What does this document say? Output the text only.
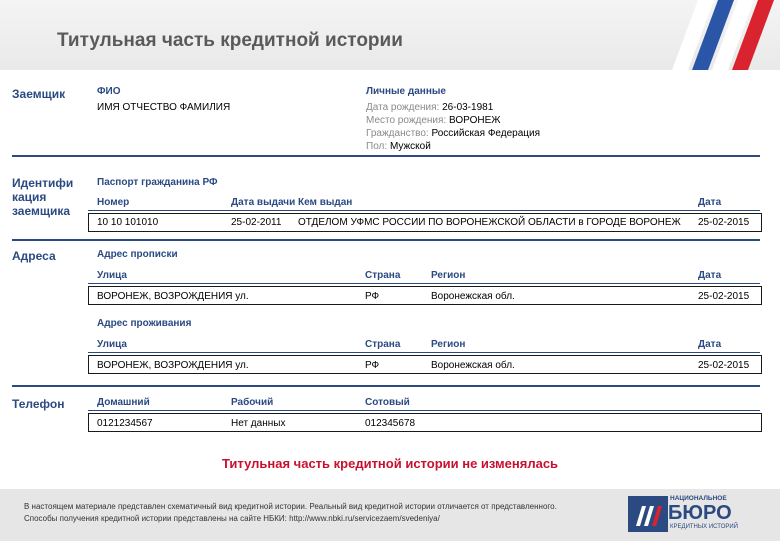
Титульная часть кредитной истории
Заемщик	ФИО
ИМЯ ОТЧЕСТВО ФАМИЛИЯ
Личные данные
Дата рождения: 26-03-1981
Место рождения: ВОРОНЕЖ
Гражданство: Российская Федерация
Пол: Мужской
Идентифи
кация
заемщика
Паспорт гражданина РФ
Номер	Дата выдачи Кем выдан	Дата
10 10 101010	25-02-2011 ОТДЕЛОМ УФМС РОССИИ ПО ВОРОНЕЖСКОЙ ОБЛАСТИ в ГОРОДЕ ВОРОНЕЖ 25-02-2015
Адреса	Адрес прописки
Улица	Страна	Регион	Дата
ВОРОНЕЖ, ВОЗРОЖДЕНИЯ ул.	РФ	Воронежская обл.	25-02-2015
Адрес проживания
Улица	Страна	Регион	Дата
ВОРОНЕЖ, ВОЗРОЖДЕНИЯ ул.	РФ	Воронежская обл.	25-02-2015
Телефон	Домашний	Рабочий	Сотовый
0121234567	Нет данных	012345678
Титульная часть кредитной истории не изменялась
В настоящем материале представлен схематичный вид кредитной истории. Реальный вид кредитной истории отличается от представленного.
Способы получения кредитной истории представлены на сайте НБКИ: http://www.nbki.ru/servicezaem/svedeniya/
НАЦИОНАЛЬНОЕ
БЮРО
КРЕДИТНЫХ ИСТОРИЙ
